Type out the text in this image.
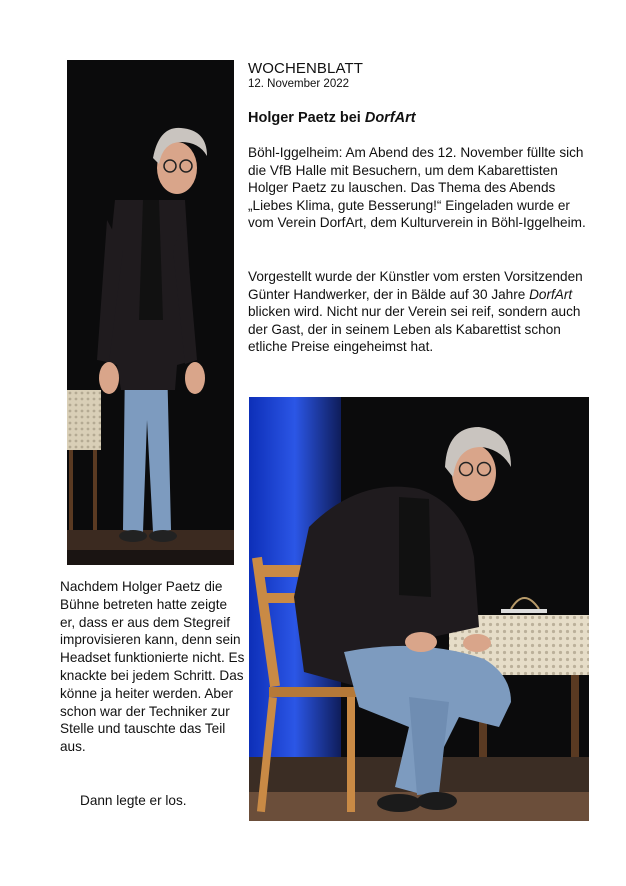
WOCHENBLATT
12. November 2022
Holger Paetz bei DorfArt
Böhl-Iggelheim: Am Abend des 12. November füllte sich die VfB Halle mit Besuchern, um dem Kabarettisten Holger Paetz zu lauschen. Das Thema des Abends „Liebes Klima, gute Besserung!“ Eingeladen wurde er vom Verein DorfArt, dem Kulturverein in Böhl-Iggelheim.
Vorgestellt wurde der Künstler vom ersten Vorsitzenden Günter Handwerker, der in Bälde auf 30 Jahre DorfArt blicken wird. Nicht nur der Verein sei reif, sondern auch der Gast, der in seinem Leben als Kabarettist schon etliche Preise eingeheimst hat.
Nachdem Holger Paetz die Bühne betreten hatte zeigte er, dass er aus dem Stegreif improvisieren kann, denn sein Headset funktionierte nicht. Es knackte bei jedem Schritt. Das könne ja heiter werden. Aber schon war der Techniker zur Stelle und tauschte das Teil aus.
Dann legte er los.
